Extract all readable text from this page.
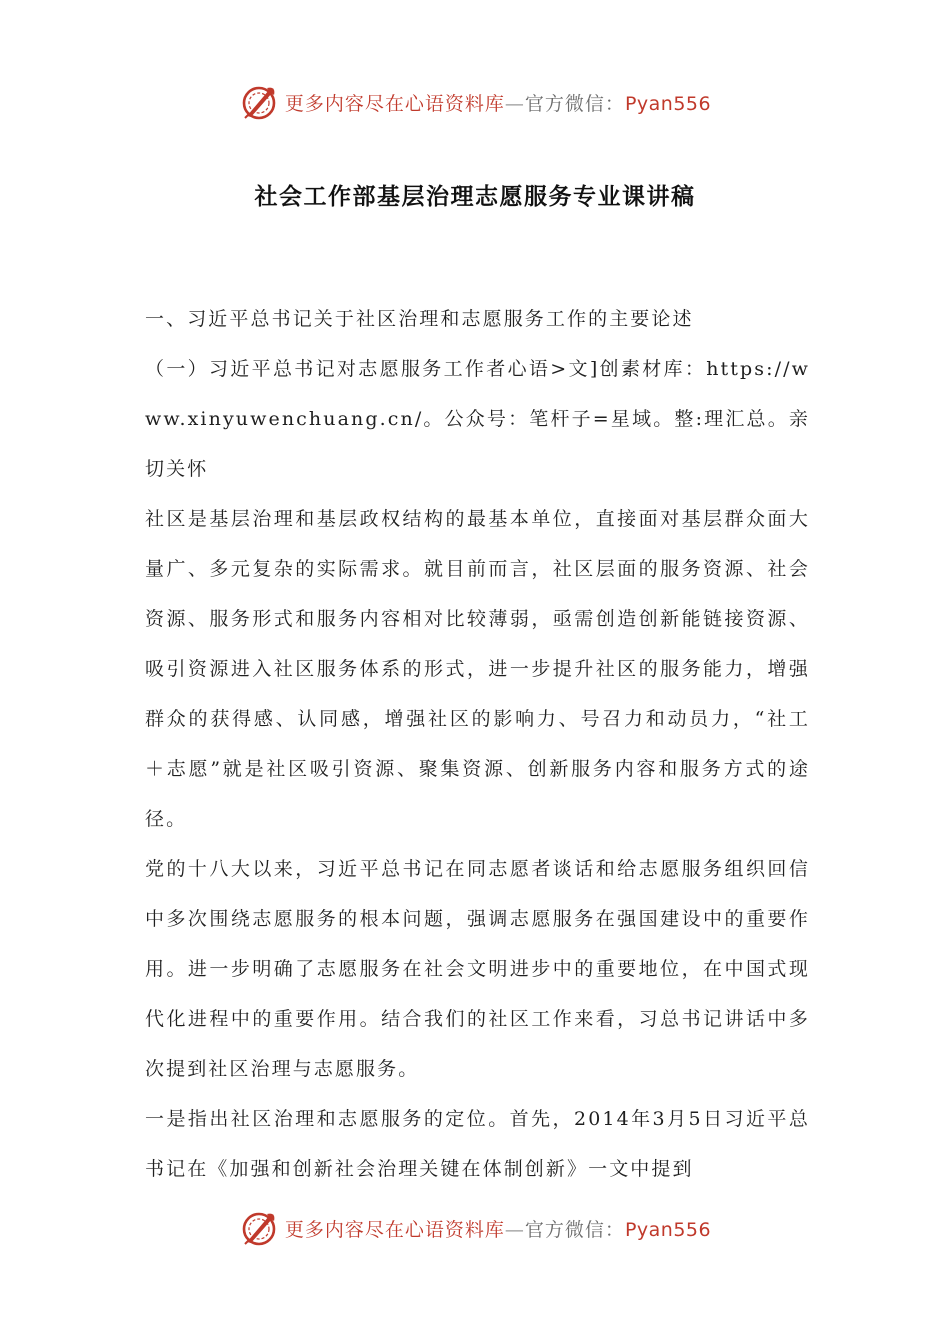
更多内容尽在心语资料库—官方微信：Pyan556
社会工作部基层治理志愿服务专业课讲稿

一、习近平总书记关于社区治理和志愿服务工作的主要论述

（一）习近平总书记对志愿服务工作者心语>文]创素材库：https://www.xinyuwenchuang.cn/。公众号：笔杆子=星域。整:理汇总。亲切关怀

社区是基层治理和基层政权结构的最基本单位，直接面对基层群众面大量广、多元复杂的实际需求。就目前而言，社区层面的服务资源、社会资源、服务形式和服务内容相对比较薄弱，亟需创造创新能链接资源、吸引资源进入社区服务体系的形式，进一步提升社区的服务能力，增强群众的获得感、认同感，增强社区的影响力、号召力和动员力，“社工＋志愿”就是社区吸引资源、聚集资源、创新服务内容和服务方式的途径。

党的十八大以来，习近平总书记在同志愿者谈话和给志愿服务组织回信中多次围绕志愿服务的根本问题，强调志愿服务在强国建设中的重要作用。进一步明确了志愿服务在社会文明进步中的重要地位，在中国式现代化进程中的重要作用。结合我们的社区工作来看，习总书记讲话中多次提到社区治理与志愿服务。

一是指出社区治理和志愿服务的定位。首先，2014年3月5日习近平总书记在《加强和创新社会治理关键在体制创新》一文中提到

更多内容尽在心语资料库—官方微信：Pyan556
